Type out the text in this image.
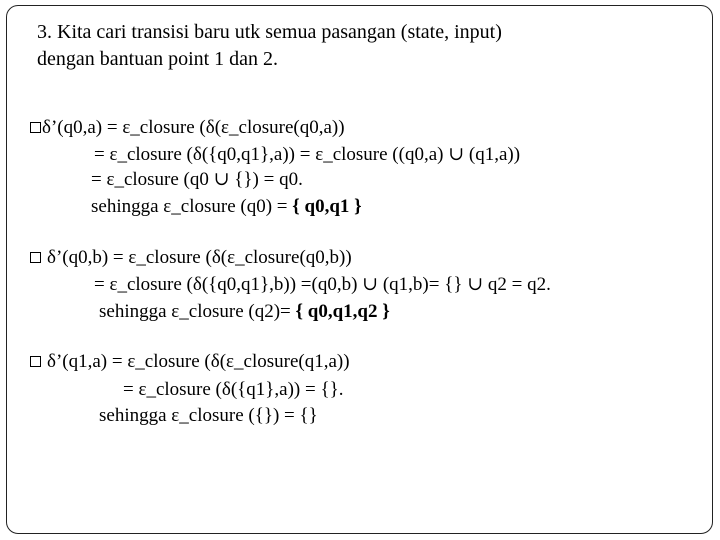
3. Kita cari transisi baru utk semua pasangan (state, input)
dengan bantuan point 1 dan 2.
δ’(q0,a) = ε_closure (δ(ε_closure(q0,a))
= ε_closure (δ({q0,q1},a)) = ε_closure ((q0,a) ∪ (q1,a))
= ε_closure (q0 ∪ {}) = q0.
sehingga ε_closure (q0) = { q0,q1 }
δ’(q0,b) = ε_closure (δ(ε_closure(q0,b))
= ε_closure (δ({q0,q1},b)) =(q0,b) ∪ (q1,b)= {} ∪ q2 = q2.
sehingga ε_closure (q2)= { q0,q1,q2 }
δ’(q1,a) = ε_closure (δ(ε_closure(q1,a))
= ε_closure (δ({q1},a)) = {}.
sehingga ε_closure ({}) = {}
